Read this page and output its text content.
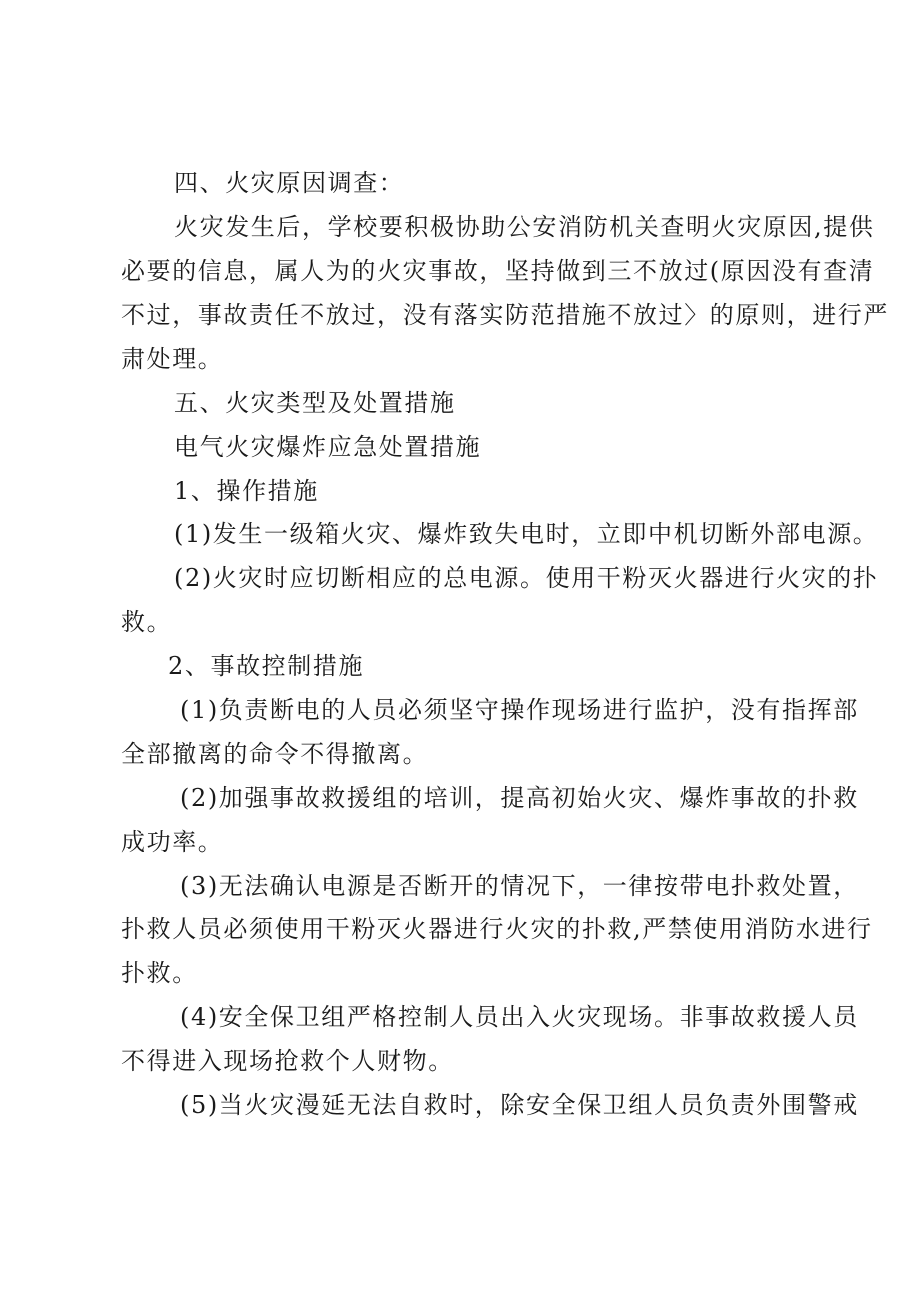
四、火灾原因调查：
火灾发生后，学校要积极协助公安消防机关查明火灾原因,提供
必要的信息，属人为的火灾事故，坚持做到三不放过(原因没有查清
不过，事故责任不放过，没有落实防范措施不放过〉的原则，进行严
肃处理。
五、火灾类型及处置措施
电气火灾爆炸应急处置措施
1、操作措施
(1)发生一级箱火灾、爆炸致失电时，立即中机切断外部电源。
(2)火灾时应切断相应的总电源。使用干粉灭火器进行火灾的扑
救。
2、事故控制措施
(1)负责断电的人员必须坚守操作现场进行监护，没有指挥部
全部撤离的命令不得撤离。
(2)加强事故救援组的培训，提高初始火灾、爆炸事故的扑救
成功率。
(3)无法确认电源是否断开的情况下，一律按带电扑救处置，
扑救人员必须使用干粉灭火器进行火灾的扑救,严禁使用消防水进行
扑救。
(4)安全保卫组严格控制人员出入火灾现场。非事故救援人员
不得进入现场抢救个人财物。
(5)当火灾漫延无法自救时，除安全保卫组人员负责外围警戒
